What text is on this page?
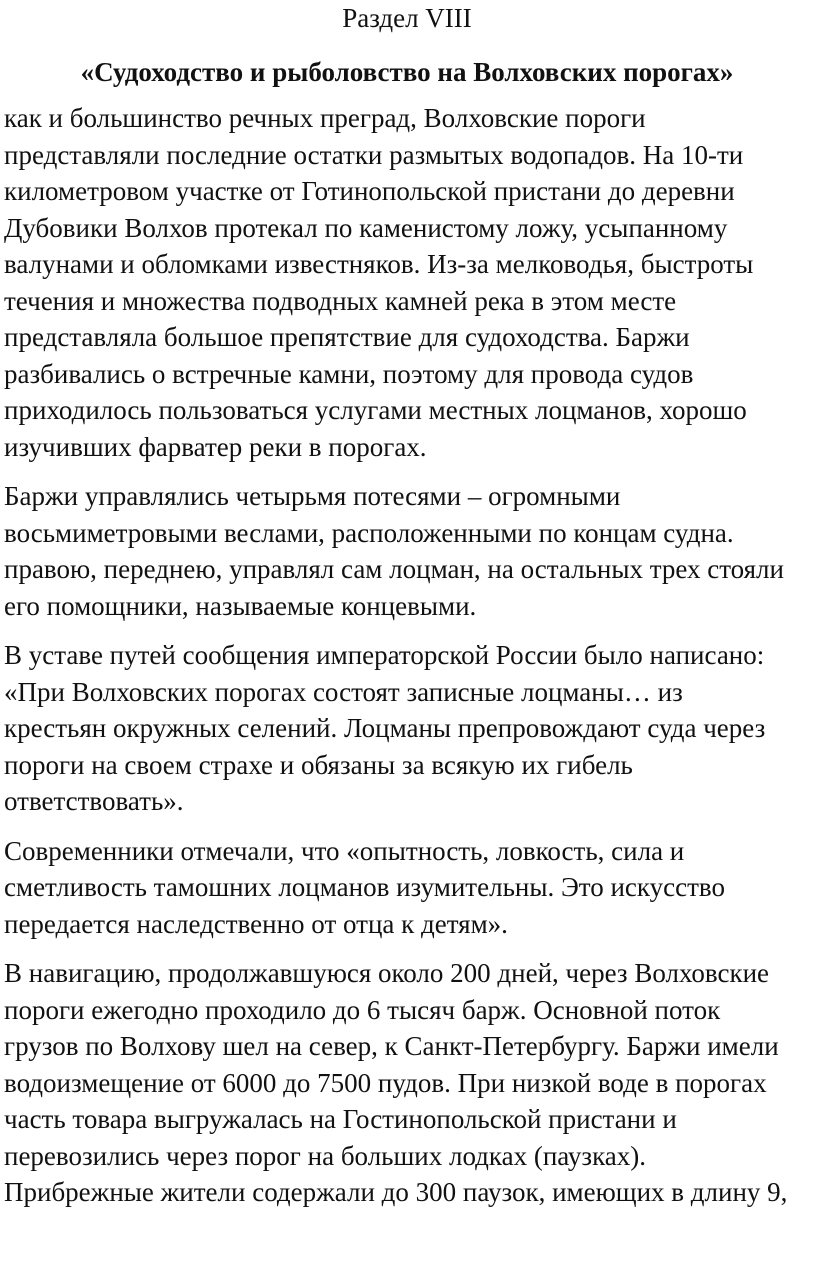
Раздел VIII

«Судоходство и рыболовство на Волховских порогах»

как и большинство речных преград, Волховские пороги
представляли последние остатки размытых водопадов. На 10-ти
километровом участке от Готинопольской пристани до деревни
Дубовики Волхов протекал по каменистому ложу, усыпанному
валунами и обломками известняков. Из-за мелководья, быстроты
течения и множества подводных камней река в этом месте
представляла большое препятствие для судоходства. Баржи
разбивались о встречные камни, поэтому для провода судов
приходилось пользоваться услугами местных лоцманов, хорошо
изучивших фарватер реки в порогах.

Баржи управлялись четырьмя потесями – огромными
восьмиметровыми веслами, расположенными по концам судна.
правою, переднею, управлял сам лоцман, на остальных трех стояли
его помощники, называемые концевыми.

В уставе путей сообщения императорской России было написано:
«При Волховских порогах состоят записные лоцманы… из
крестьян окружных селений. Лоцманы препровождают суда через
пороги на своем страхе и обязаны за всякую их гибель
ответствовать».

Современники отмечали, что «опытность, ловкость, сила и
сметливость тамошних лоцманов изумительны. Это искусство
передается наследственно от отца к детям».

В навигацию, продолжавшуюся около 200 дней, через Волховские
пороги ежегодно проходило до 6 тысяч барж. Основной поток
грузов по Волхову шел на север, к Санкт-Петербургу. Баржи имели
водоизмещение от 6000 до 7500 пудов. При низкой воде в порогах
часть товара выгружалась на Гостинопольской пристани и
перевозились через порог на больших лодках (паузках).
Прибрежные жители содержали до 300 паузок, имеющих в длину 9,
